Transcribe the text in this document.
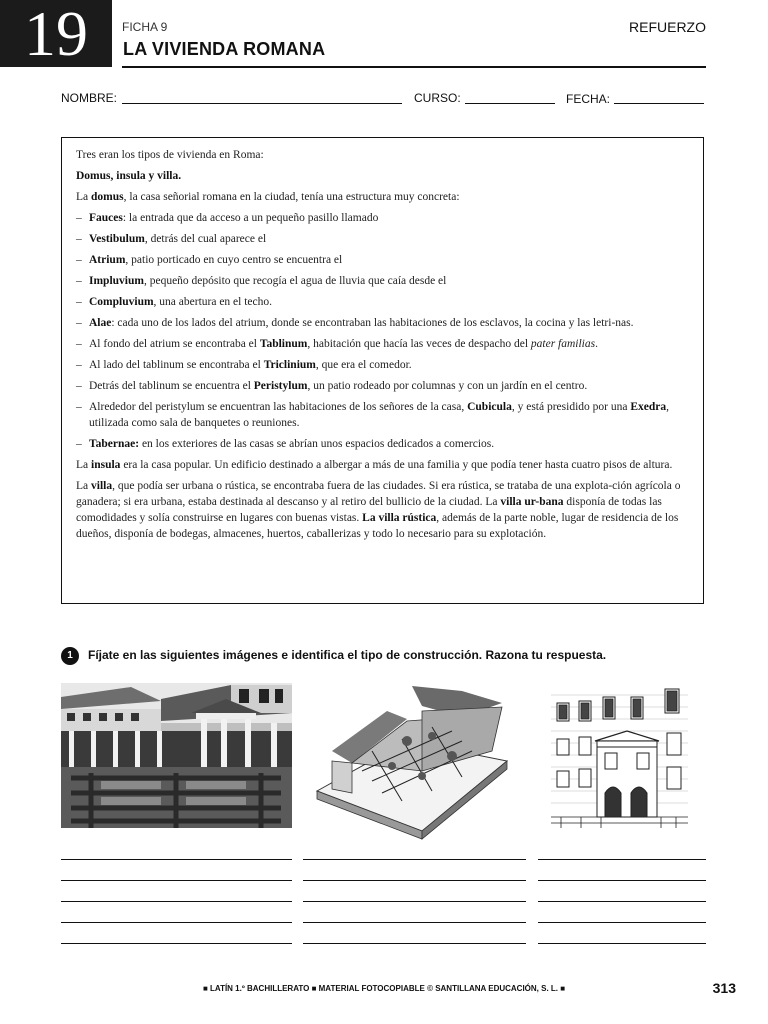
19	FICHA 9
LA VIVIENDA ROMANA
REFUERZO
NOMBRE:	CURSO:	FECHA:

Tres eran los tipos de vivienda en Roma:

Domus, insula y villa.

La domus, la casa señorial romana en la ciudad, tenía una estructura muy concreta:

– Fauces: la entrada que da acceso a un pequeño pasillo llamado

– Vestibulum, detrás del cual aparece el

– Atrium, patio porticado en cuyo centro se encuentra el

– Impluvium, pequeño depósito que recogía el agua de lluvia que caía desde el

– Compluvium, una abertura en el techo.

– Alae: cada uno de los lados del atrium, donde se encontraban las habitaciones de los esclavos, la cocina y las letri-nas.

– Al fondo del atrium se encontraba el Tablinum, habitación que hacía las veces de despacho del pater familias.

– Al lado del tablinum se encontraba el Triclinium, que era el comedor.

– Detrás del tablinum se encuentra el Peristylum, un patio rodeado por columnas y con un jardín en el centro.

– Alrededor del peristylum se encuentran las habitaciones de los señores de la casa, Cubicula, y está presidido por una Exedra, utilizada como sala de banquetes o reuniones.

– Tabernae: en los exteriores de las casas se abrían unos espacios dedicados a comercios.

La insula era la casa popular. Un edificio destinado a albergar a más de una familia y que podía tener hasta cuatro pisos de altura.

La villa, que podía ser urbana o rústica, se encontraba fuera de las ciudades. Si era rústica, se trataba de una explota-ción agrícola o ganadera; si era urbana, estaba destinada al descanso y al retiro del bullicio de la ciudad. La villa ur-bana disponía de todas las comodidades y solía construirse en lugares con buenas vistas. La villa rústica, además de la parte noble, lugar de residencia de los dueños, disponía de bodegas, almacenes, huertos, caballerizas y todo lo necesario para su explotación.

1	Fíjate en las siguientes imágenes e identifica el tipo de construcción. Razona tu respuesta.
■ LATÍN 1.º BACHILLERATO ■ MATERIAL FOTOCOPIABLE © SANTILLANA EDUCACIÓN, S. L. ■	313
